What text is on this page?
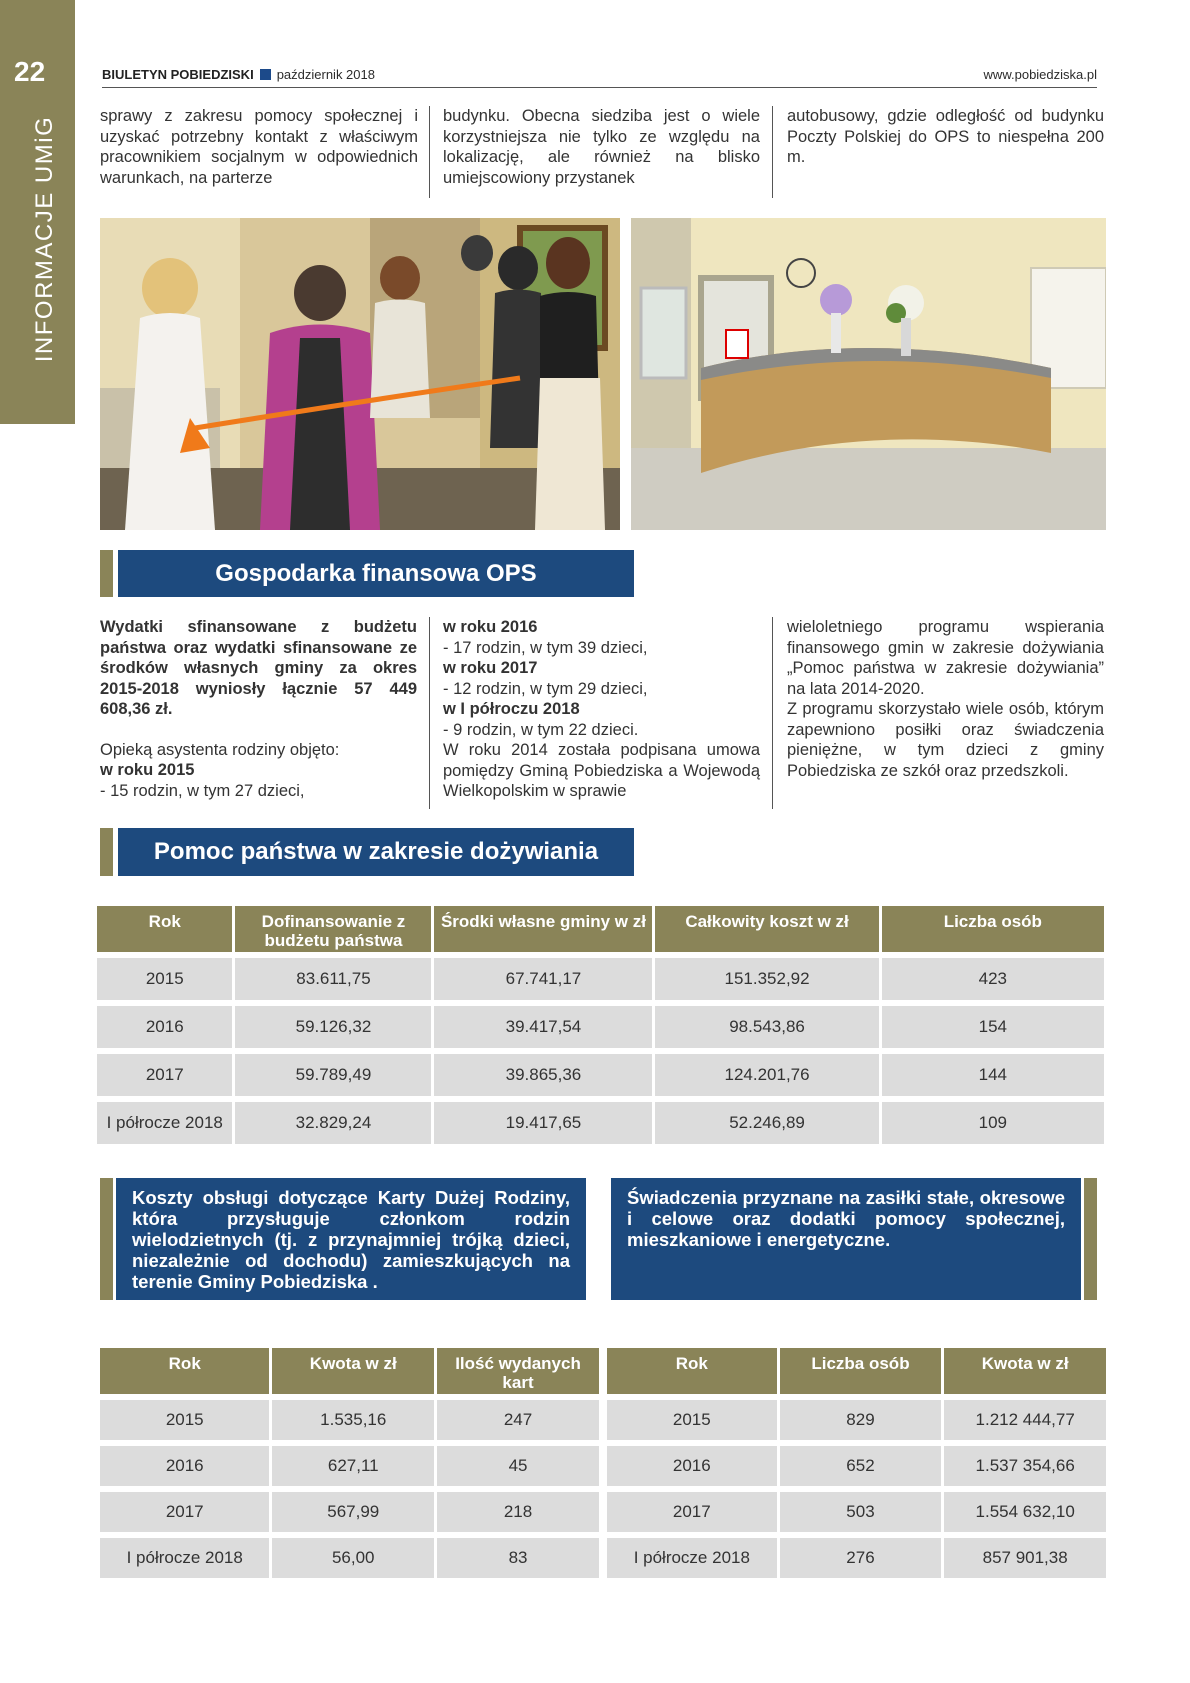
22
INFORMACJE UMiG
BIULETYN POBIEDZISKI październik 2018	www.pobiedziska.pl
sprawy z zakresu pomocy społecznej i uzyskać potrzebny kontakt z właściwym pracownikiem socjalnym w odpowiednich warunkach, na parterze
budynku. Obecna siedziba jest o wiele korzystniejsza nie tylko ze względu na lokalizację, ale również na blisko umiejscowiony przystanek
autobusowy, gdzie odległość od budynku Poczty Polskiej do OPS to niespełna 200 m.
Gospodarka finansowa OPS
Wydatki sfinansowane z budżetu państwa oraz wydatki sfinansowane ze środków własnych gminy za okres 2015-2018 wyniosły łącznie 57 449 608,36 zł.
Opieką asystenta rodziny objęto:
w roku 2015
- 15 rodzin, w tym 27 dzieci,
w roku 2016
- 17 rodzin, w tym 39 dzieci,
w roku 2017
- 12 rodzin, w tym 29 dzieci,
w I półroczu 2018
- 9 rodzin, w tym 22 dzieci.
W roku 2014 została podpisana umowa pomiędzy Gminą Pobiedziska a Wojewodą Wielkopolskim w sprawie
wieloletniego programu wspierania finansowego gmin w zakresie dożywiania „Pomoc państwa w zakresie dożywiania” na lata 2014-2020.
Z programu skorzystało wiele osób, którym zapewniono posiłki oraz świadczenia pieniężne, w tym dzieci z gminy Pobiedziska ze szkół oraz przedszkoli.
Pomoc państwa w zakresie dożywiania
Rok	Dofinansowanie z budżetu państwa	Środki własne gminy w zł	Całkowity koszt w zł	Liczba osób
2015	83.611,75	67.741,17	151.352,92	423
2016	59.126,32	39.417,54	98.543,86	154
2017	59.789,49	39.865,36	124.201,76	144
I półrocze 2018	32.829,24	19.417,65	52.246,89	109
Koszty obsługi dotyczące Karty Dużej Rodziny, która przysługuje członkom rodzin wielodzietnych (tj. z przynajmniej trójką dzieci, niezależnie od dochodu) zamieszkujących na terenie Gminy Pobiedziska .
Świadczenia przyznane na zasiłki stałe, okresowe i celowe oraz dodatki pomocy społecznej, mieszkaniowe i energetyczne.
Rok	Kwota w zł	Ilość wydanych kart
2015	1.535,16	247
2016	627,11	45
2017	567,99	218
I półrocze 2018	56,00	83
Rok	Liczba osób	Kwota w zł
2015	829	1.212 444,77
2016	652	1.537 354,66
2017	503	1.554 632,10
I półrocze 2018	276	857 901,38
